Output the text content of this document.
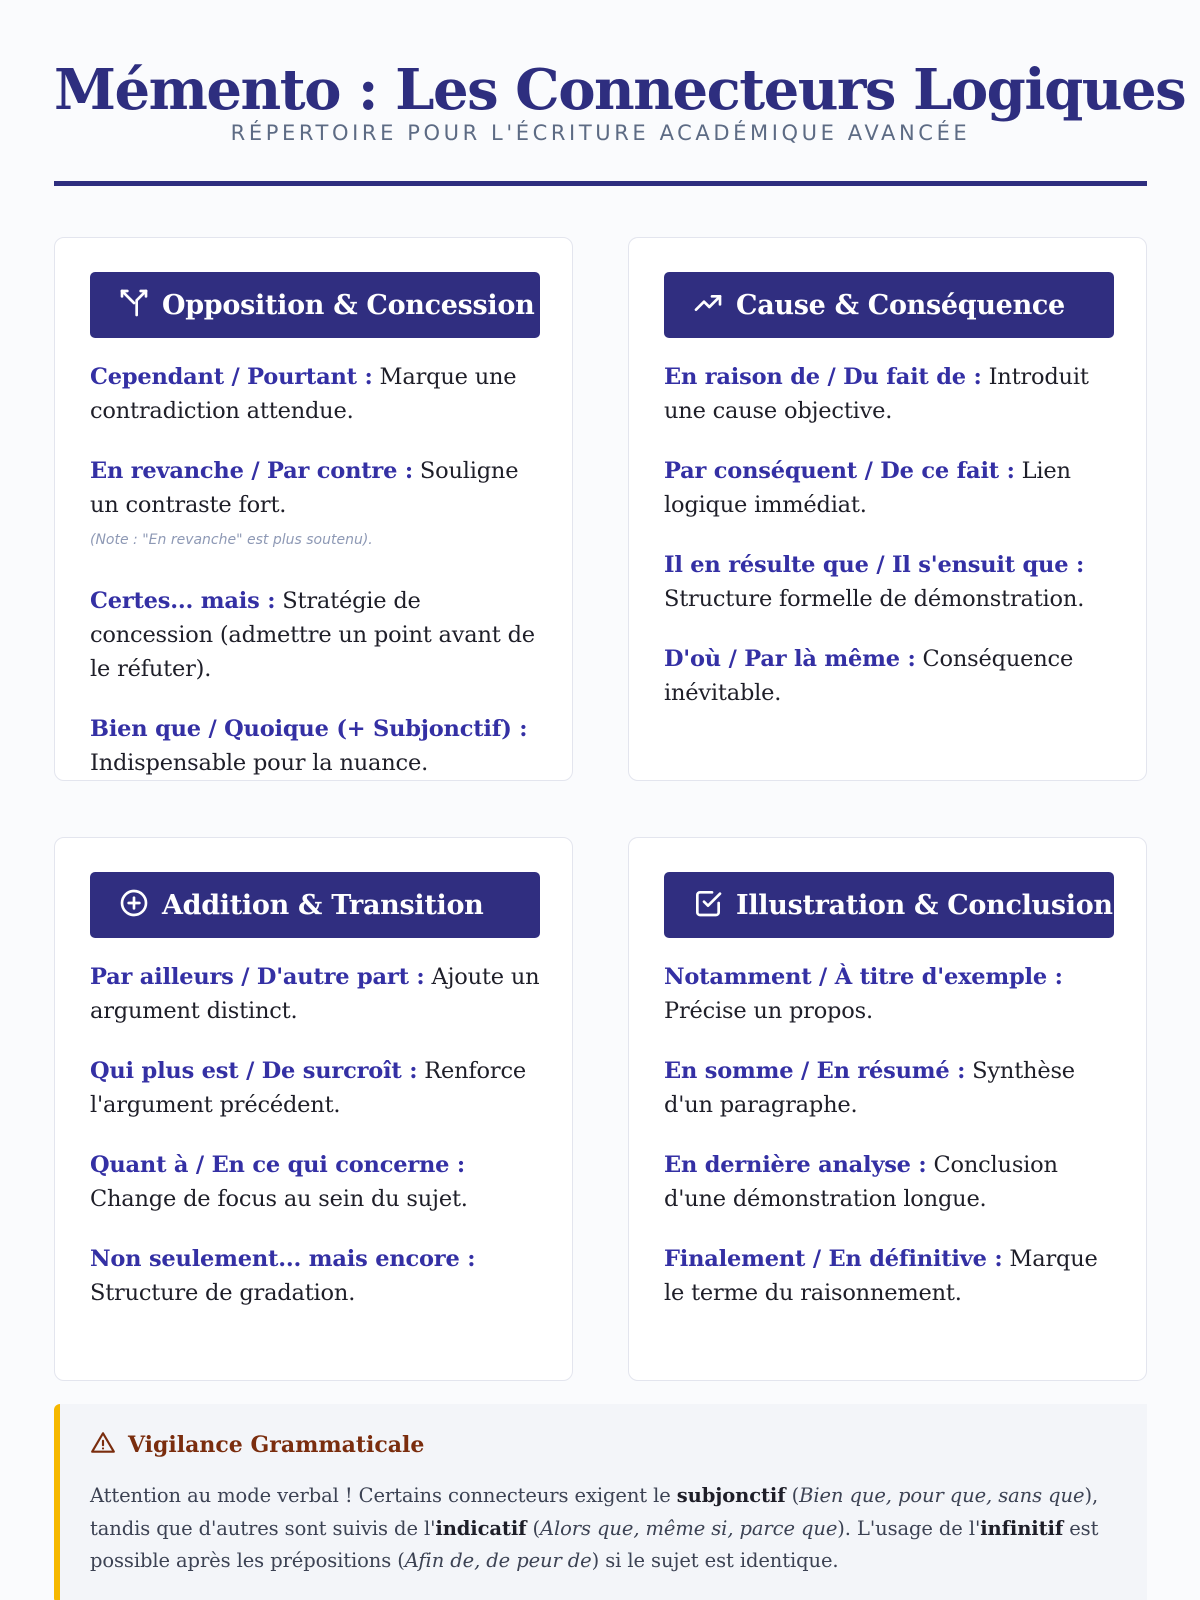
Mémento : Les Connecteurs Logiques
RÉPERTOIRE POUR L'ÉCRITURE ACADÉMIQUE AVANCÉE
Opposition & Concession
Cependant / Pourtant : Marque une contradiction attendue.
En revanche / Par contre : Souligne un contraste fort.
(Note : "En revanche" est plus soutenu).
Certes... mais : Stratégie de concession (admettre un point avant de le réfuter).
Bien que / Quoique (+ Subjonctif) : Indispensable pour la nuance.
Cause & Conséquence
En raison de / Du fait de : Introduit une cause objective.
Par conséquent / De ce fait : Lien logique immédiat.
Il en résulte que / Il s'ensuit que : Structure formelle de démonstration.
D'où / Par là même : Conséquence inévitable.
Addition & Transition
Par ailleurs / D'autre part : Ajoute un argument distinct.
Qui plus est / De surcroît : Renforce l'argument précédent.
Quant à / En ce qui concerne : Change de focus au sein du sujet.
Non seulement... mais encore : Structure de gradation.
Illustration & Conclusion
Notamment / À titre d'exemple : Précise un propos.
En somme / En résumé : Synthèse d'un paragraphe.
En dernière analyse : Conclusion d'une démonstration longue.
Finalement / En définitive : Marque le terme du raisonnement.
Vigilance Grammaticale

Attention au mode verbal ! Certains connecteurs exigent le subjonctif (Bien que, pour que, sans que), tandis que d'autres sont suivis de l'indicatif (Alors que, même si, parce que). L'usage de l'infinitif est possible après les prépositions (Afin de, de peur de) si le sujet est identique.
